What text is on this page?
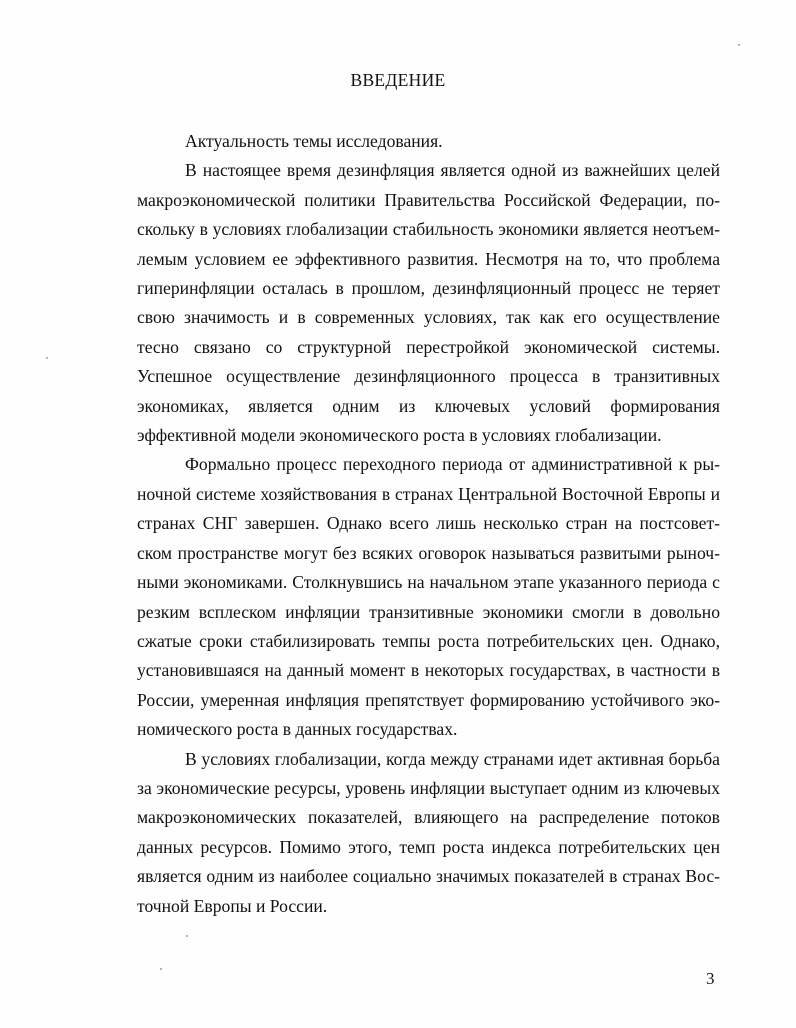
ВВЕДЕНИЕ

Актуальность темы исследования.

В настоящее время дезинфляция является одной из важнейших целей макроэкономической политики Правительства Российской Федерации, поскольку в условиях глобализации стабильность экономики является неотъемлемым условием ее эффективного развития. Несмотря на то, что проблема гиперинфляции осталась в прошлом, дезинфляционный процесс не теряет свою значимость и в современных условиях, так как его осуществление тесно связано со структурной перестройкой экономической системы. Успешное осуществление дезинфляционного процесса в транзитивных экономиках, является одним из ключевых условий формирования эффективной модели экономического роста в условиях глобализации.

Формально процесс переходного периода от административной к рыночной системе хозяйствования в странах Центральной Восточной Европы и странах СНГ завершен. Однако всего лишь несколько стран на постсоветском пространстве могут без всяких оговорок называться развитыми рыночными экономиками. Столкнувшись на начальном этапе указанного периода с резким всплеском инфляции транзитивные экономики смогли в довольно сжатые сроки стабилизировать темпы роста потребительских цен. Однако, установившаяся на данный момент в некоторых государствах, в частности в России, умеренная инфляция препятствует формированию устойчивого экономического роста в данных государствах.

В условиях глобализации, когда между странами идет активная борьба за экономические ресурсы, уровень инфляции выступает одним из ключевых макроэкономических показателей, влияющего на распределение потоков данных ресурсов. Помимо этого, темп роста индекса потребительских цен является одним из наиболее социально значимых показателей в странах Восточной Европы и России.

3
